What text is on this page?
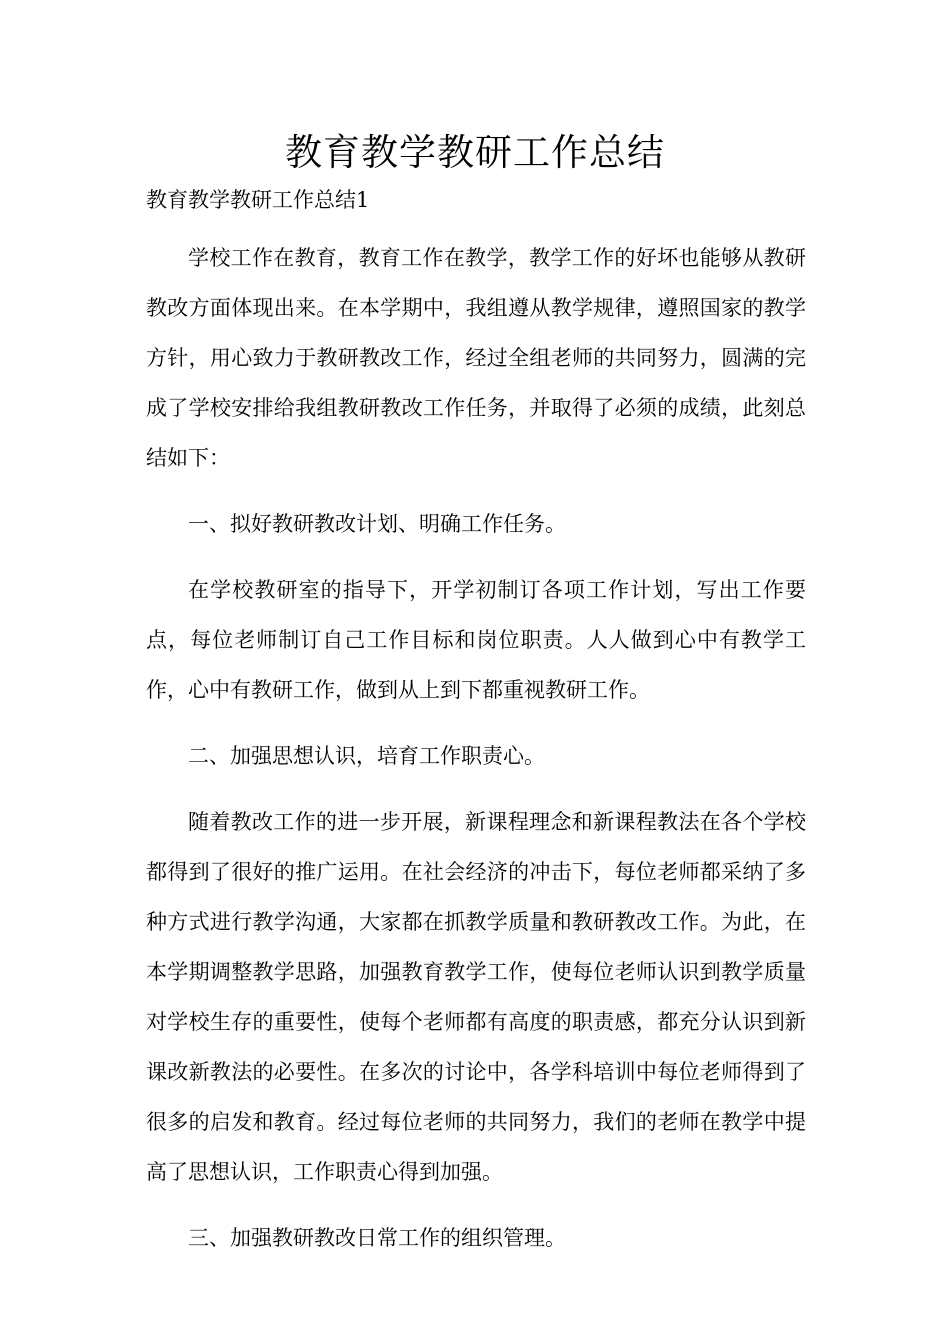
教育教学教研工作总结
教育教学教研工作总结1

学校工作在教育，教育工作在教学，教学工作的好坏也能够从教研教改方面体现出来。在本学期中，我组遵从教学规律，遵照国家的教学方针，用心致力于教研教改工作，经过全组老师的共同努力，圆满的完成了学校安排给我组教研教改工作任务，并取得了必须的成绩，此刻总结如下：

一、拟好教研教改计划、明确工作任务。

在学校教研室的指导下，开学初制订各项工作计划，写出工作要点，每位老师制订自己工作目标和岗位职责。人人做到心中有教学工作，心中有教研工作，做到从上到下都重视教研工作。

二、加强思想认识，培育工作职责心。

随着教改工作的进一步开展，新课程理念和新课程教法在各个学校都得到了很好的推广运用。在社会经济的冲击下，每位老师都采纳了多种方式进行教学沟通，大家都在抓教学质量和教研教改工作。为此，在本学期调整教学思路，加强教育教学工作，使每位老师认识到教学质量对学校生存的重要性，使每个老师都有高度的职责感，都充分认识到新课改新教法的必要性。在多次的讨论中，各学科培训中每位老师得到了很多的启发和教育。经过每位老师的共同努力，我们的老师在教学中提高了思想认识，工作职责心得到加强。

三、加强教研教改日常工作的组织管理。
